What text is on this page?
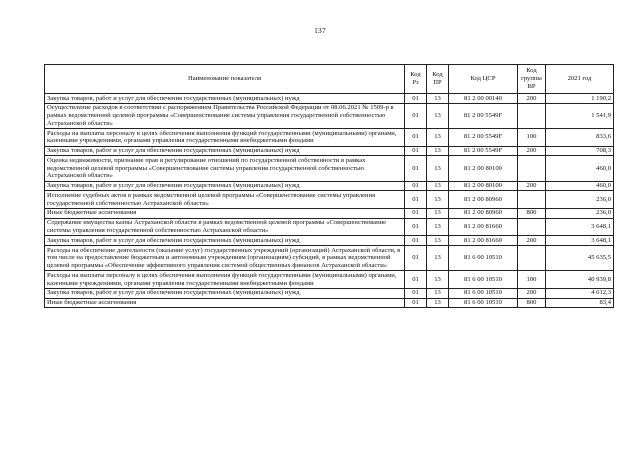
137
Наименование показателя	Код Рз	Код ПР	Код ЦСР	Код группы ВР	2021 год
Закупка товаров, работ и услуг для обеспечения государственных (муниципальных) нужд	01	13	81 2 00 00140	200	1 190,2
Осуществление расходов в соответствии с распоряжением Правительства Российской Федерации от 08.06.2021 № 1509-р в рамках ведомственной целевой программы «Совершенствование системы управления государственной собственностью Астраханской области»	01	13	81 2 00 5549F		1 541,9
Расходы на выплаты персоналу в целях обеспечения выполнения функций государственными (муниципальными) органами, казенными учреждениями, органами управления государственными внебюджетными фондами	01	13	81 2 00 5549F	100	833,6
Закупка товаров, работ и услуг для обеспечения государственных (муниципальных) нужд	01	13	81 2 00 5549F	200	708,3
Оценка недвижимости, признание прав и регулирование отношений по государственной собственности в рамках ведомственной целевой программы «Совершенствование системы управления государственной собственностью Астраханской области»	01	13	81 2 00 80100		460,0
Закупка товаров, работ и услуг для обеспечения государственных (муниципальных) нужд	01	13	81 2 00 80100	200	460,0
Исполнение судебных актов в рамках ведомственной целевой программы «Совершенствование системы управления государственной собственностью Астраханской области»	01	13	81 2 00 80960		236,0
Иные бюджетные ассигнования	01	13	81 2 00 80960	800	236,0
Содержание имущества казны Астраханской области в рамках ведомственной целевой программы «Совершенствование системы управления государственной собственностью Астраханской области»	01	13	81 2 00 81660		3 648,1
Закупка товаров, работ и услуг для обеспечения государственных (муниципальных) нужд	01	13	81 2 00 81660	200	3 648,1
Расходы на обеспечение деятельности (оказание услуг) государственных учреждений (организаций) Астраханской области, в том числе на предоставление бюджетным и автономным учреждениям (организациям) субсидий, в рамках ведомственной целевой программы «Обеспечение эффективного управления системой общественных финансов Астраханской области»	01	13	81 6 00 10510		45 635,5
Расходы на выплаты персоналу в целях обеспечения выполнения функций государственными (муниципальными) органами, казенными учреждениями, органами управления государственными внебюджетными фондами	01	13	81 6 00 10510	100	40 939,8
Закупка товаров, работ и услуг для обеспечения государственных (муниципальных) нужд	01	13	81 6 00 10510	200	4 612,3
Иные бюджетные ассигнования	01	13	81 6 00 10510	800	83,4
